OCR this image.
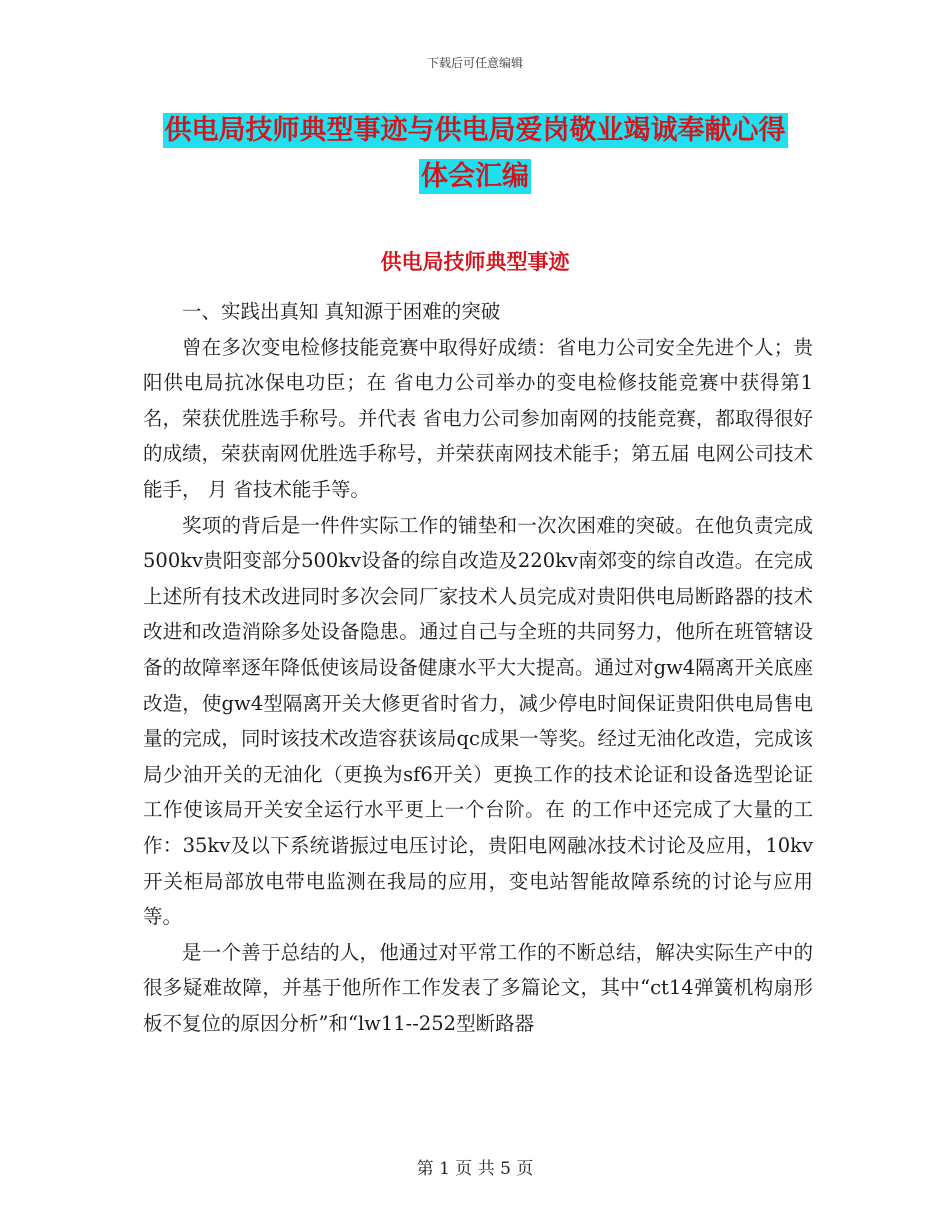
下载后可任意编辑
供电局技师典型事迹与供电局爱岗敬业竭诚奉献心得
体会汇编
供电局技师典型事迹

一、实践出真知 真知源于困难的突破

曾在多次变电检修技能竞赛中取得好成绩：省电力公司安全先进个人；贵阳供电局抗冰保电功臣；在 省电力公司举办的变电检修技能竞赛中获得第1名，荣获优胜选手称号。并代表 省电力公司参加南网的技能竞赛，都取得很好的成绩，荣获南网优胜选手称号，并荣获南网技术能手；第五届 电网公司技术能手， 月 省技术能手等。

奖项的背后是一件件实际工作的铺垫和一次次困难的突破。在他负责完成500kv贵阳变部分500kv设备的综自改造及220kv南郊变的综自改造。在完成上述所有技术改进同时多次会同厂家技术人员完成对贵阳供电局断路器的技术改进和改造消除多处设备隐患。通过自己与全班的共同努力，他所在班管辖设备的故障率逐年降低使该局设备健康水平大大提高。通过对gw4隔离开关底座改造，使gw4型隔离开关大修更省时省力，减少停电时间保证贵阳供电局售电量的完成，同时该技术改造容获该局qc成果一等奖。经过无油化改造，完成该局少油开关的无油化（更换为sf6开关）更换工作的技术论证和设备选型论证工作使该局开关安全运行水平更上一个台阶。在 的工作中还完成了大量的工作：35kv及以下系统谐振过电压讨论，贵阳电网融冰技术讨论及应用，10kv开关柜局部放电带电监测在我局的应用，变电站智能故障系统的讨论与应用等。

是一个善于总结的人，他通过对平常工作的不断总结，解决实际生产中的很多疑难故障，并基于他所作工作发表了多篇论文，其中“ct14弹簧机构扇形板不复位的原因分析”和“lw11--252型断路器

第 1 页 共 5 页
